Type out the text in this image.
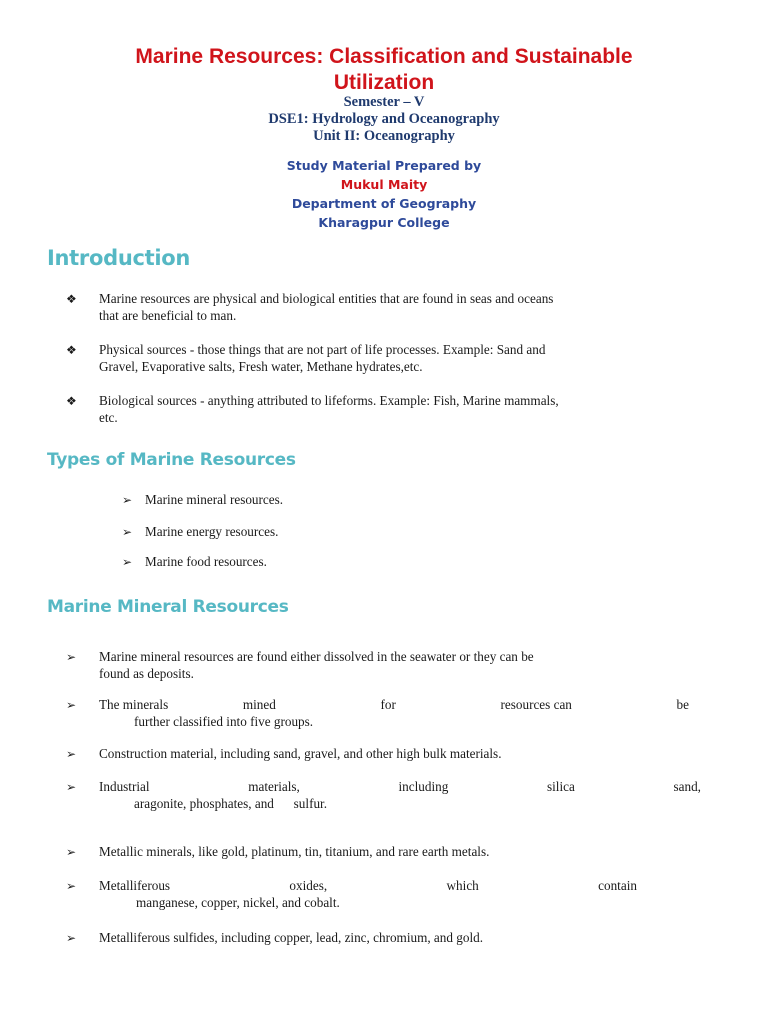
Marine Resources: Classification and Sustainable
Utilization
Semester – V
DSE1: Hydrology and Oceanography
Unit II: Oceanography
Study Material Prepared by
Mukul Maity
Department of Geography
Kharagpur College
Introduction
❖ Marine resources are physical and biological entities that are found in seas and oceans
that are beneficial to man.
❖ Physical sources - those things that are not part of life processes. Example: Sand and
Gravel, Evaporative salts, Fresh water, Methane hydrates,etc.
❖ Biological sources - anything attributed to lifeforms. Example: Fish, Marine mammals,
etc.
Types of Marine Resources
➢ Marine mineral resources.
➢ Marine energy resources.
➢ Marine food resources.
Marine Mineral Resources
➢ Marine mineral resources are found either dissolved in the seawater or they can be
found as deposits.
➢ The minerals	mined	for	resources can	be
further classified into five groups.
➢ Construction material, including sand, gravel, and other high bulk materials.
➢ Industrial	materials,	including	silica	sand,
aragonite, phosphates, and      sulfur.
➢ Metallic minerals, like gold, platinum, tin, titanium, and rare earth metals.
➢ Metalliferous	oxides,	which	contain
manganese, copper, nickel, and cobalt.
➢ Metalliferous sulfides, including copper, lead, zinc, chromium, and gold.
